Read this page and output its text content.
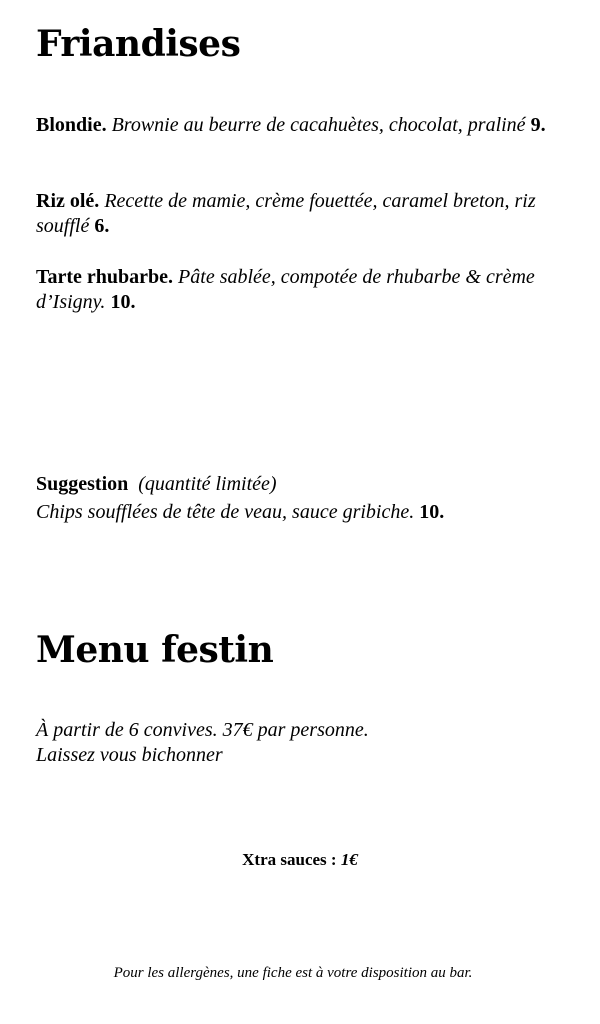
Friandises

Blondie. Brownie au beurre de cacahuètes, chocolat, praliné 9.

Riz olé. Recette de mamie, crème fouettée, caramel breton, riz soufflé 6.

Tarte rhubarbe. Pâte sablée, compotée de rhubarbe & crème d’Isigny. 10.

Suggestion (quantité limitée)
Chips soufflées de tête de veau, sauce gribiche. 10.
Menu festin
À partir de 6 convives. 37€ par personne.
Laissez vous bichonner
Xtra sauces : 1€
Pour les allergènes, une fiche est à votre disposition au bar.
